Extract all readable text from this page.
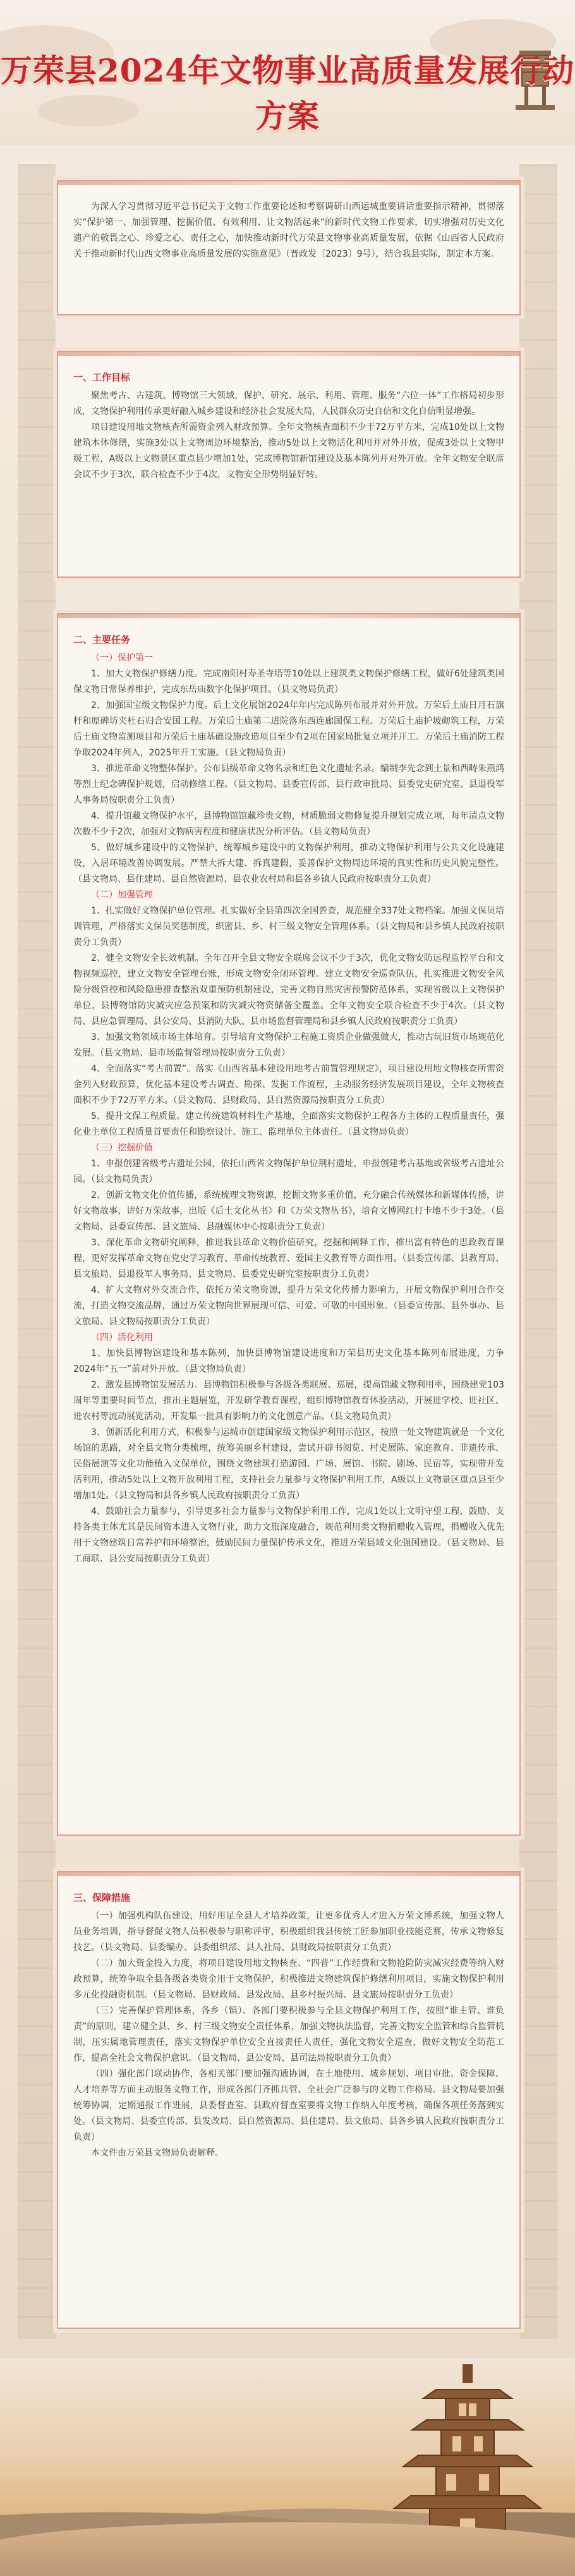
万荣县2024年文物事业高质量发展行动方案

为深入学习贯彻习近平总书记关于文物工作重要论述和考察调研山西运城重要讲话重要指示精神，贯彻落实“保护第一、加强管理、挖掘价值、有效利用、让文物活起来”的新时代文物工作要求，切实增强对历史文化遗产的敬畏之心、珍爱之心、责任之心，加快推动新时代万荣县文物事业高质量发展，依据《山西省人民政府关于推动新时代山西文物事业高质量发展的实施意见》（晋政发〔2023〕9号），结合我县实际，制定本方案。

一、工作目标

聚焦考古、古建筑、博物馆三大领域，保护、研究、展示、利用、管理、服务“六位一体”工作格局初步形成，文物保护利用传承更好融入城乡建设和经济社会发展大局，人民群众历史自信和文化自信明显增强。

项目建设用地文物核查所需资金列入财政预算。全年文物核查面积不少于72万平方米，完成10处以上文物建筑本体修缮，实施3处以上文物周边环境整治，推动5处以上文物活化利用并对外开放，促成3处以上文物甲级工程，A级以上文物景区重点县少增加1处，完成博物馆新馆建设及基本陈列并对外开放。全年文物安全联席会议不少于3次，联合检查不少于4次，文物安全形势明显好转。

二、主要任务

（一）保护第一

1、加大文物保护修缮力度。完成南阳村寿圣寺塔等10处以上建筑类文物保护修缮工程，做好6处建筑类国保文物日常保养维护，完成东岳庙数字化保护项目。（县文物局负责）

2、加强国宝级文物保护力度。后土文化展馆2024年年内完成陈列布展并对外开放。万荣后土庙日月石旗杆和原碑坊夹杜石归合安国工程。万荣后土庙第二进院落东西连廊国保工程。万荣后土庙护坡砌筑工程，万荣后土庙文物监测项目和万荣后土庙基础设施改造项目至少有2项在国家局批复立项并开工。万荣后土庙消防工程争取2024年列入，2025年开工实施。（县文物局负责）

3、推进革命文物整体保护。公布县级革命文物名录和红色文化遗址名录。编制李先念到土景和西畴朱燕鸿等烈士纪念碑保护规划，启动修缮工程。（县文物局、县委宣传部、县行政审批局、县委党史研究室、县退役军人事务局按职责分工负责）

4、提升馆藏文物保护水平，县博物馆馆藏珍贵文物，材质脆弱文物修复提升规划完成立项，每年清点文物次数不少于2次，加强对文物病害程度和健康状况分析评估。（县文物局负责）

5、做好城乡建设中的文物保护，统筹城乡建设中的文物保护利用，推动文物保护利用与公共文化设施建设，入居环境改善协调发展。严禁大拆大建、拆真建假，妥善保护文物周边环境的真实性和历史风貌完整性。（县文物局、县住建局、县自然资源局、县农业农村局和县各乡镇人民政府按职责分工负责）

（二）加强管理

1、扎实做好文物保护单位管理。扎实做好全县第四次全国普查，规范健全337处文物档案。加强文保员培训管理，严格落实文保员奖惩制度，织密县、乡、村三级文物安全管理体系。（县文物局和县乡镇人民政府按职责分工负责）

2、健全文物安全长效机制。全年召开全县文物安全联席会议不少于3次，优化文物安防远程监控平台和文物视频巡控，建立文物安全管理台账，形成文物安全闭环管理。建立文物安全巡查队伍，扎实推进文物安全风险分级管控和风险隐患排查整治双重预防机制建设，完善文物自然灾害预警防范体系，实现省级以上文物保护单位，县博物馆防灾减灾应急预案和防灾减灾物资储备全覆盖。全年文物安全联合检查不少于4次。（县文物局、县应急管理局、县公安局、县消防大队、县市场监督管理局和县乡镇人民政府按职责分工负责）

3、加强文物领域市场主体培育。引导培育文物保护工程施工资质企业做强做大，推动古玩旧货市场规范化发展。（县文物局、县市场监督管理局按职责分工负责）

4、全面落实“考古前置”。落实《山西省基本建设用地考古前置管理规定》，项目建设用地文物核查所需资金列入财政预算，优化基本建设考古调查、勘探、发掘工作流程，主动服务经济发展项目建设，全年文物核查面积不少于72万平方米。（县文物局、县财政局、县自然资源局按职责分工负责）

5、提升文保工程质量。建立传统建筑材料生产基地，全面落实文物保护工程各方主体的工程质量责任，强化业主单位工程质量首要责任和勘察设计、施工、监理单位主体责任。（县文物局负责）

（三）挖掘价值

1、申报创建省级考古遗址公园，依托山西省文物保护单位荆村遗址，申报创建考古基地或省级考古遗址公园。（县文物局负责）

2、创新文物文化价值传播，系统梳理文物资源，挖掘文物多重价值，充分融合传统媒体和新媒体传播，讲好文物故事、讲好万荣故事，出版《后土文化丛书》和《万荣文物丛书》，培育文博网红打卡地不少于3处。（县文物局、县委宣传部、县文旅局、县融媒体中心按职责分工负责）

3、深化革命文物研究阐释，推进我县革命文物价值研究，挖掘和阐释工作，推出富有特色的思政教育课程，更好发挥革命文物在党史学习教育、革命传统教育、爱国主义教育等方面作用。（县委宣传部、县教育局、县文旅局、县退役军人事务局、县文物局、县委党史研究室按职责分工负责）

4、扩大文物对外交流合作，依托万荣文物资源，提升万荣文化传播力影响力，开展文物保护利用合作交流，打造文物交流品牌，通过万荣文物向世界展现可信、可爱、可敬的中国形象。（县委宣传部、县外事办、县文旅局、县文物局按职责分工负责）

（四）活化利用

1、加快县博物馆建设和基本陈列，加快县博物馆建设进度和万荣县历史文化基本陈列布展进度，力争2024年“五一”前对外开放。（县文物局负责）

2、激发县博物馆发展活力。县博物馆积极参与各级各类联展、巡展，提高馆藏文物利用率，围绕建党103周年等重要时间节点，推出主题展览，开发研学教育课程，组织博物馆教育体验活动，开展进学校、进社区、进农村等流动展览活动，开发集一批具有影响力的文化创意产品。（县文物局负责）

3、创新活化利用方式，积极参与运城市创建国家级文物保护利用示范区，按照一处文物建筑就是一个文化场馆的思路，对全县文物分类梳理，统筹美丽乡村建设，尝试开辟书阅览、村史展陈、家庭教育、非遗传承、民俗展演等文化功能植入文保单位，围绕文物建筑打造游园、广场、展馆、书院、剧场、民宿等，实现带开发活利用，推动5处以上文物开放利用工程，支持社会力量参与文物保护利用工作，A级以上文物景区重点县至少增加1处。（县文物局和县各乡镇人民政府按职责分工负责）

4、鼓励社会力量参与，引导更多社会力量参与文物保护利用工作，完成1处以上文明守望工程，鼓励、支持各类主体尤其是民间资本进入文物行业，助力文旅深度融合，规范利用类文物捐赠收入管理，捐赠收入优先用于文物建筑日常养护和环境整治，鼓励民间力量保护传承文化，推进万荣县域文化强国建设。（县文物局、县工商联、县公安局按职责分工负责）

三、保障措施

（一）加强机构队伍建设，用好用足全县人才培养政策，让更多优秀人才进入万荣文博系统，加强文物人员业务培训，指导督促文物人员积极参与职称评审，积极组织我县传统工匠参加职业技能竞赛，传承文物修复技艺。（县文物局、县委编办、县委组织部、县人社局、县财政局按职责分工负责）

（二）加大资金投入力度，将项目建设用地文物核查、“四普”工作经费和文物抢险防灾减灾经费等纳入财政预算，统筹争取全县各级各类资金用于文物保护，积极推进文物建筑保护修缮利用项目，实施文物保护利用多元化投融资机制。（县文物局、县财政局、县发改局、县乡村振兴局、县文旅局按职责分工负责）

（三）完善保护管理体系，各乡（镇）、各部门要积极参与全县文物保护利用工作，按照“谁主管、谁负责”的原则，建立健全县、乡、村三级文物安全责任体系，加强文物执法监督，完善文物安全监管和综合监管机制，压实属地管理责任，落实文物保护单位安全直接责任人责任，强化文物安全巡查，做好文物安全防范工作，提高全社会文物保护意识。（县文物局、县公安局、县司法局按职责分工负责）

（四）强化部门联动协作，各相关部门要加强沟通协调，在土地使用、城乡规划、项目审批、资金保障、人才培养等方面主动服务文物工作，形成各部门齐抓共管、全社会广泛参与的文物工作格局。县文物局要加强统筹协调，定期通报工作进展，县委督查室、县政府督查室要将文物工作纳入年度考核，确保各项任务落到实处。（县文物局、县委宣传部、县发改局、县自然资源局、县住建局、县文旅局、县各乡镇人民政府按职责分工负责）

本文件由万荣县文物局负责解释。
